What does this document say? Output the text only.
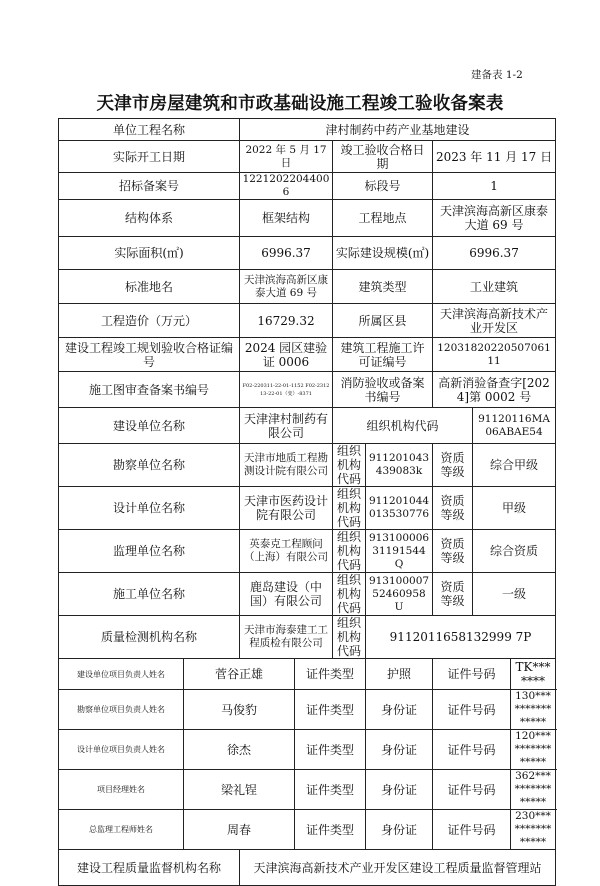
建备表 1-2
天津市房屋建筑和市政基础设施工程竣工验收备案表
单位工程名称		津村制药中药产业基地建设						
实际开工日期		2022 年 5 月 17 日		竣工验收合格日期		2023 年 11 月 17 日		
招标备案号		12212022044006		标段号		1		
结构体系		框架结构		工程地点		天津滨海高新区康泰大道 69 号		
实际面积(㎡)		6996.37		实际建设规模(㎡)		6996.37		
标准地名		天津滨海高新区康泰大道 69 号		建筑类型		工业建筑		
工程造价（万元）		16729.32		所属区县		天津滨海高新技术产业开发区		
建设工程竣工规划验收合格证编号		2024 园区建验证 0006		建筑工程施工许可证编号		12031820220507061 11		
施工图审查备案书编号		F02-220311-22-01-1152 F02-231213-22-01（变）-8371		消防验收或备案书编号		高新消验备查字[2024]第 0002 号		
建设单位名称		天津津村制药有限公司		组织机构代码			91120116MA06ABAE54	
勘察单位名称		天津市地质工程勘测设计院有限公司		组织机构代码	911201043439083k	资质等级	综合甲级	
设计单位名称		天津市医药设计院有限公司		组织机构代码	911201044013530776	资质等级	甲级	
监理单位名称		英泰克工程顾问（上海）有限公司		组织机构代码	91310000631191544Q	资质等级	综合资质	
施工单位名称		鹿岛建设（中国）有限公司		组织机构代码	91310000752460958U	资质等级	一级	
质量检测机构名称		天津市海泰建工工程质检有限公司		组织机构代码	9112011658132999 7P			
建设单位项目负责人姓名	菅谷正雄		证件类型		护照	证件号码		TK*******
勘察单位项目负责人姓名	马俊豹		证件类型		身份证	证件号码		130***************
设计单位项目负责人姓名	徐杰		证件类型		身份证	证件号码		120***************
项目经理姓名	梁礼锃		证件类型		身份证	证件号码		362***************
总监理工程师姓名	周春		证件类型		身份证	证件号码		230***************
建设工程质量监督机构名称		天津滨海高新技术产业开发区建设工程质量监督管理站						
